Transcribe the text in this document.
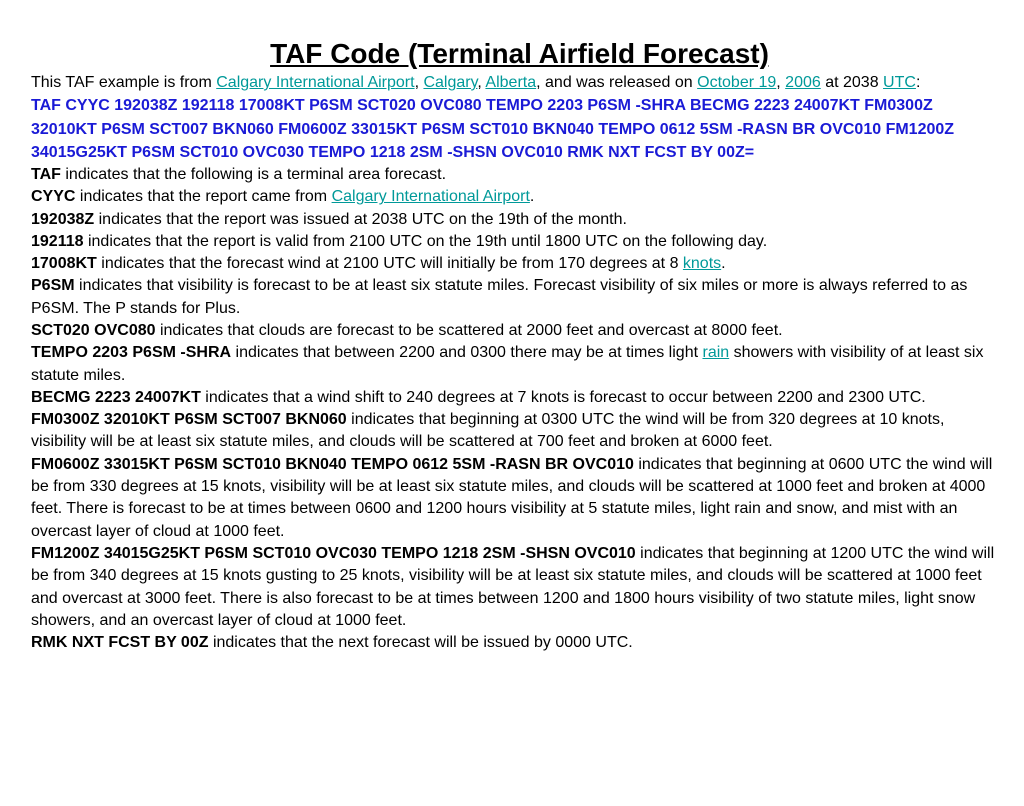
TAF Code (Terminal Airfield Forecast)

This TAF example is from Calgary International Airport, Calgary, Alberta, and was released on October 19, 2006 at 2038 UTC:

TAF CYYC 192038Z 192118 17008KT P6SM SCT020 OVC080 TEMPO 2203 P6SM -SHRA BECMG 2223 24007KT FM0300Z 32010KT P6SM SCT007 BKN060 FM0600Z 33015KT P6SM SCT010 BKN040 TEMPO 0612 5SM -RASN BR OVC010 FM1200Z 34015G25KT P6SM SCT010 OVC030 TEMPO 1218 2SM -SHSN OVC010 RMK NXT FCST BY 00Z=

TAF indicates that the following is a terminal area forecast.

CYYC indicates that the report came from Calgary International Airport.

192038Z indicates that the report was issued at 2038 UTC on the 19th of the month.

192118 indicates that the report is valid from 2100 UTC on the 19th until 1800 UTC on the following day.

17008KT indicates that the forecast wind at 2100 UTC will initially be from 170 degrees at 8 knots.

P6SM indicates that visibility is forecast to be at least six statute miles. Forecast visibility of six miles or more is always referred to as P6SM. The P stands for Plus.

SCT020 OVC080 indicates that clouds are forecast to be scattered at 2000 feet and overcast at 8000 feet.

TEMPO 2203 P6SM -SHRA indicates that between 2200 and 0300 there may be at times light rain showers with visibility of at least six statute miles.

BECMG 2223 24007KT indicates that a wind shift to 240 degrees at 7 knots is forecast to occur between 2200 and 2300 UTC.

FM0300Z 32010KT P6SM SCT007 BKN060 indicates that beginning at 0300 UTC the wind will be from 320 degrees at 10 knots, visibility will be at least six statute miles, and clouds will be scattered at 700 feet and broken at 6000 feet.

FM0600Z 33015KT P6SM SCT010 BKN040 TEMPO 0612 5SM -RASN BR OVC010 indicates that beginning at 0600 UTC the wind will be from 330 degrees at 15 knots, visibility will be at least six statute miles, and clouds will be scattered at 1000 feet and broken at 4000 feet. There is forecast to be at times between 0600 and 1200 hours visibility at 5 statute miles, light rain and snow, and mist with an overcast layer of cloud at 1000 feet.

FM1200Z 34015G25KT P6SM SCT010 OVC030 TEMPO 1218 2SM -SHSN OVC010 indicates that beginning at 1200 UTC the wind will be from 340 degrees at 15 knots gusting to 25 knots, visibility will be at least six statute miles, and clouds will be scattered at 1000 feet and overcast at 3000 feet. There is also forecast to be at times between 1200 and 1800 hours visibility of two statute miles, light snow showers, and an overcast layer of cloud at 1000 feet.

RMK NXT FCST BY 00Z indicates that the next forecast will be issued by 0000 UTC.
